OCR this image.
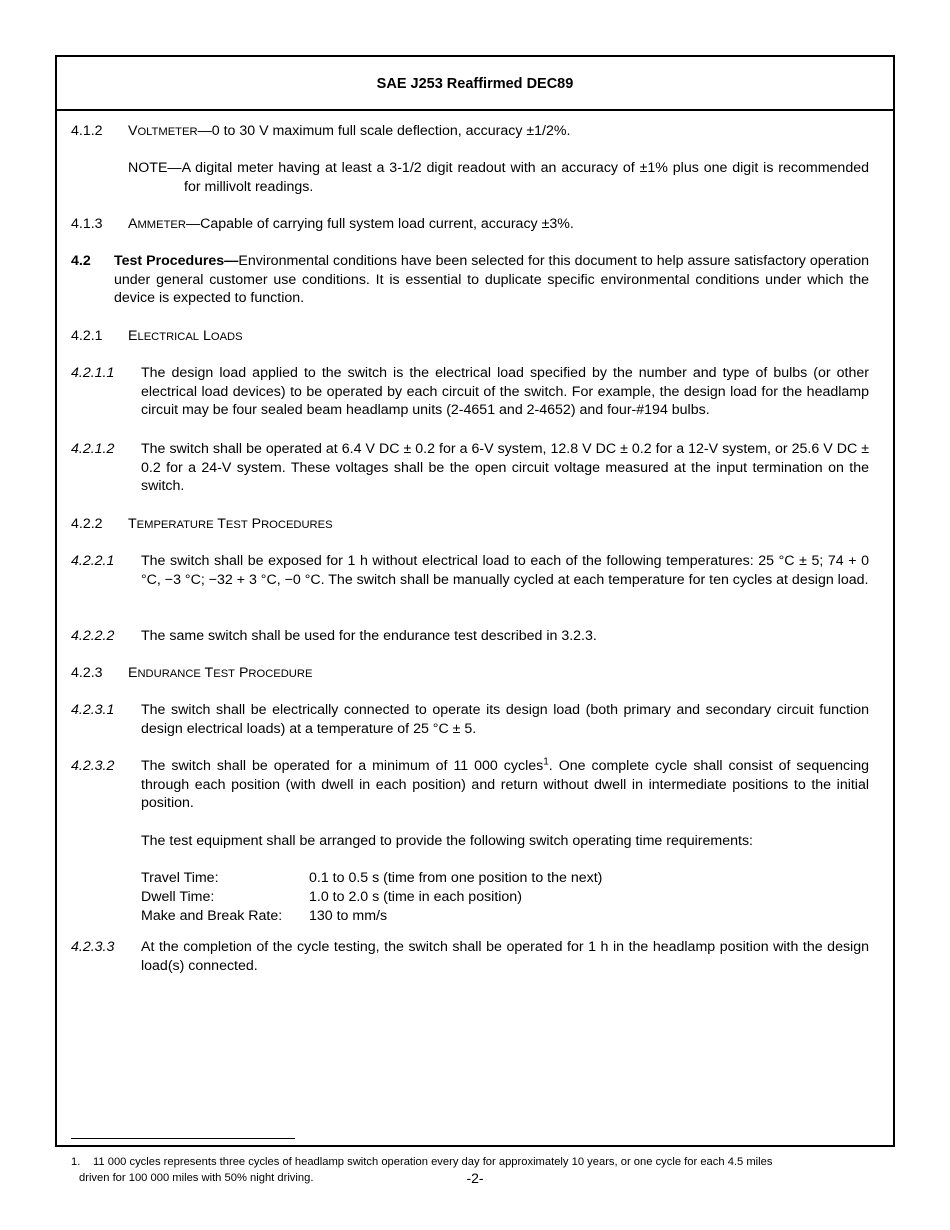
SAE J253 Reaffirmed DEC89
4.1.2 VOLTMETER—0 to 30 V maximum full scale deflection, accuracy ±1/2%.
NOTE—A digital meter having at least a 3-1/2 digit readout with an accuracy of ±1% plus one digit is recommended for millivolt readings.
4.1.3 AMMETER—Capable of carrying full system load current, accuracy ±3%.
4.2 Test Procedures—Environmental conditions have been selected for this document to help assure satisfactory operation under general customer use conditions. It is essential to duplicate specific environmental conditions under which the device is expected to function.
4.2.1 ELECTRICAL LOADS
4.2.1.1 The design load applied to the switch is the electrical load specified by the number and type of bulbs (or other electrical load devices) to be operated by each circuit of the switch. For example, the design load for the headlamp circuit may be four sealed beam headlamp units (2-4651 and 2-4652) and four-#194 bulbs.
4.2.1.2 The switch shall be operated at 6.4 V DC ± 0.2 for a 6-V system, 12.8 V DC ± 0.2 for a 12-V system, or 25.6 V DC ± 0.2 for a 24-V system. These voltages shall be the open circuit voltage measured at the input termination on the switch.
4.2.2 TEMPERATURE TEST PROCEDURES
4.2.2.1 The switch shall be exposed for 1 h without electrical load to each of the following temperatures: 25 °C ± 5; 74 + 0 °C, −3 °C; −32 + 3 °C, −0 °C. The switch shall be manually cycled at each temperature for ten cycles at design load.
4.2.2.2 The same switch shall be used for the endurance test described in 3.2.3.
4.2.3 ENDURANCE TEST PROCEDURE
4.2.3.1 The switch shall be electrically connected to operate its design load (both primary and secondary circuit function design electrical loads) at a temperature of 25 °C ± 5.
4.2.3.2 The switch shall be operated for a minimum of 11 000 cycles$^1$. One complete cycle shall consist of sequencing through each position (with dwell in each position) and return without dwell in intermediate positions to the initial position.
The test equipment shall be arranged to provide the following switch operating time requirements:
Travel Time:	0.1 to 0.5 s (time from one position to the next)
Dwell Time:	1.0 to 2.0 s (time in each position)
Make and Break Rate:	130 to mm/s
4.2.3.3 At the completion of the cycle testing, the switch shall be operated for 1 h in the headlamp position with the design load(s) connected.
1. 11 000 cycles represents three cycles of headlamp switch operation every day for approximately 10 years, or one cycle for each 4.5 miles
driven for 100 000 miles with 50% night driving.	-2-
